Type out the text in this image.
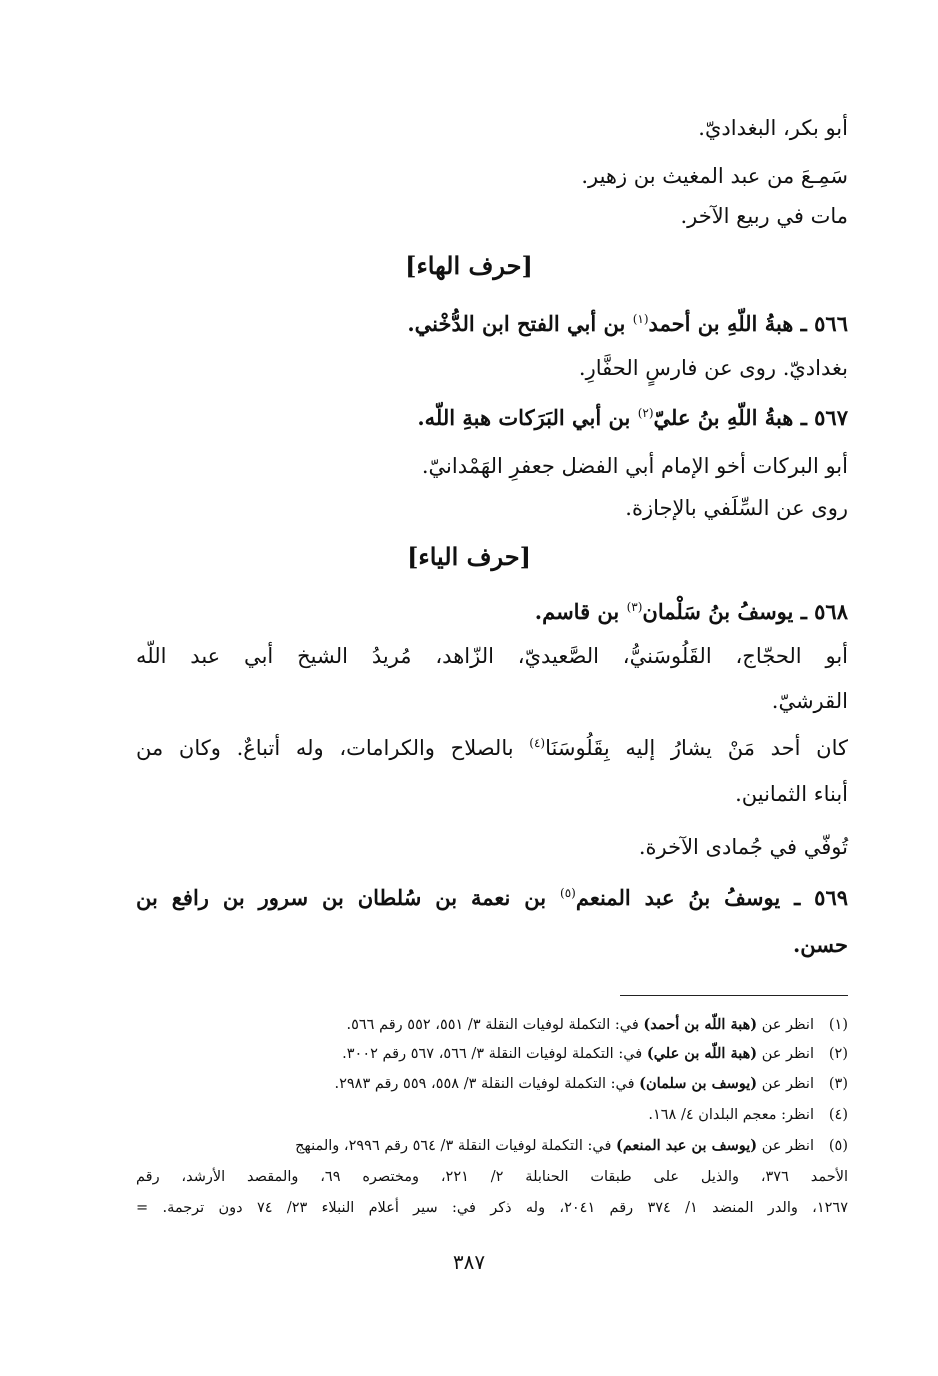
أبو بكر، البغداديّ.
سَمِـعَ من عبد المغيث بن زهير.
مات في ربيع الآخر.
[حرف الهاء]
٥٦٦ ـ هبةُ اللّهِ بن أحمد$^{(١)}$ بن أبي الفتح ابن الدُّخْني.
بغداديّ. روى عن فارسٍ الحفَّارِ.
٥٦٧ ـ هبةُ اللّهِ بنُ عليّ$^{(٢)}$ بن أبي البَرَكات هبةِ اللّه.
أبو البركات أخو الإمام أبي الفضل جعفرِ الهَمْدانيّ.
روى عن السِّلَفي بالإجازة.
[حرف الياء]
٥٦٨ ـ يوسفُ بنُ سَلْمان$^{(٣)}$ بن قاسم.
أبو الحجّاج، القَلُوسَنيُّ، الصَّعيديّ، الزّاهد، مُريدُ الشيخ أبي عبد اللّه
القرشيّ.
كان أحد مَنْ يشارُ إليه بِقَلُوسَنَا$^{(٤)}$ بالصلاح والكرامات، وله أتباعٌ. وكان من
أبناء الثمانين.
تُوفّي في جُمادى الآخرة.
٥٦٩ ـ يوسفُ بنُ عبد المنعم$^{(٥)}$ بن نعمة بن سُلطان بن سرور بن رافع بن
حسن.
(١)انظر عن (هبة اللّه بن أحمد) في: التكملة لوفيات النقلة ٣/ ٥٥١، ٥٥٢ رقم ٥٦٦.
(٢)انظر عن (هبة اللّه بن علي) في: التكملة لوفيات النقلة ٣/ ٥٦٦، ٥٦٧ رقم ٣٠٠٢.
(٣)انظر عن (يوسف بن سلمان) في: التكملة لوفيات النقلة ٣/ ٥٥٨، ٥٥٩ رقم ٢٩٨٣.
(٤)انظر: معجم البلدان ٤/ ١٦٨.
(٥)انظر عن (يوسف بن عبد المنعم) في: التكملة لوفيات النقلة ٣/ ٥٦٤ رقم ٢٩٩٦، والمنهج
الأحمد ٣٧٦، والذيل على طبقات الحنابلة ٢/ ٢٢١، ومختصره ٦٩، والمقصد الأرشد، رقم
١٢٦٧، والدر المنضد ١/ ٣٧٤ رقم ٢٠٤١، وله ذكر في: سير أعلام النبلاء ٢٣/ ٧٤ دون ترجمة. =
٣٨٧
